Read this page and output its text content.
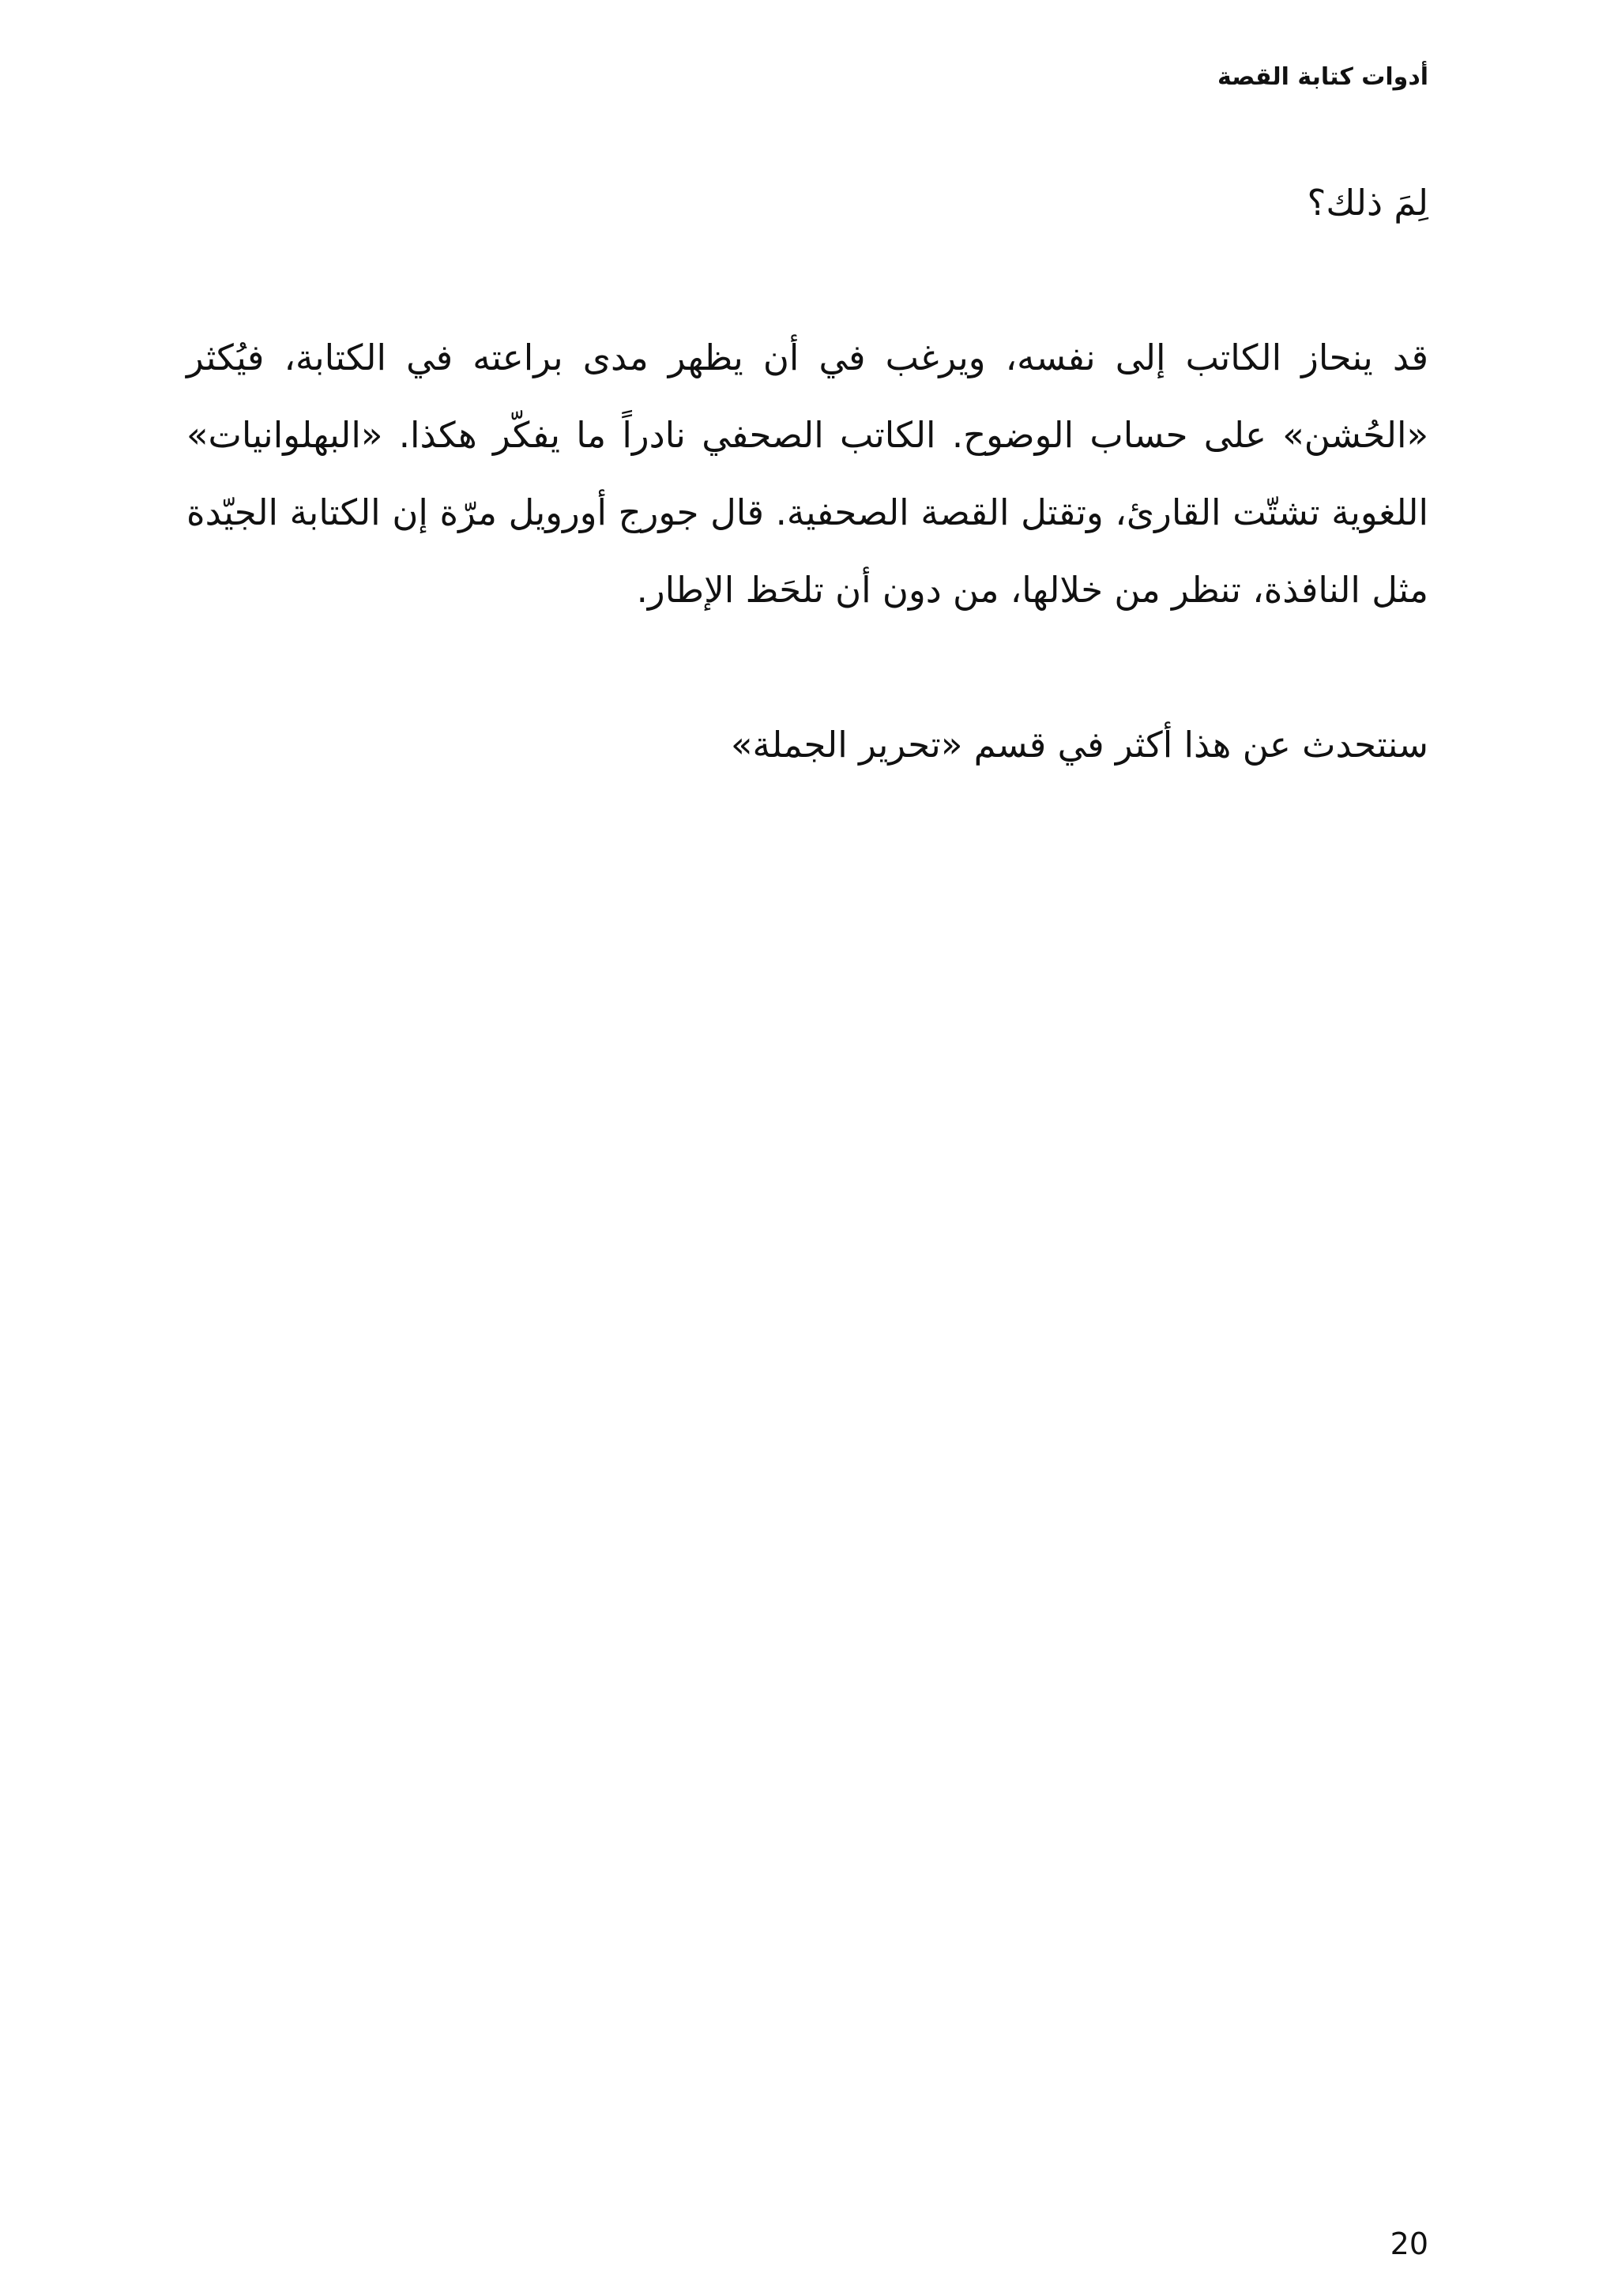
أدوات كتابة القصة

لِمَ ذلك؟

قد ينحاز الكاتب إلى نفسه، ويرغب في أن يظهر مدى براعته في الكتابة، فيُكثر «الحُشن» على حساب الوضوح. الكاتب الصحفي نادراً ما يفكّر هكذا. «البهلوانيات» اللغوية تشتّت القارئ، وتقتل القصة الصحفية. قال جورج أورويل مرّة إن الكتابة الجيّدة مثل النافذة، تنظر من خلالها، من دون أن تلحَظ الإطار.

سنتحدث عن هذا أكثر في قسم «تحرير الجملة»

20
